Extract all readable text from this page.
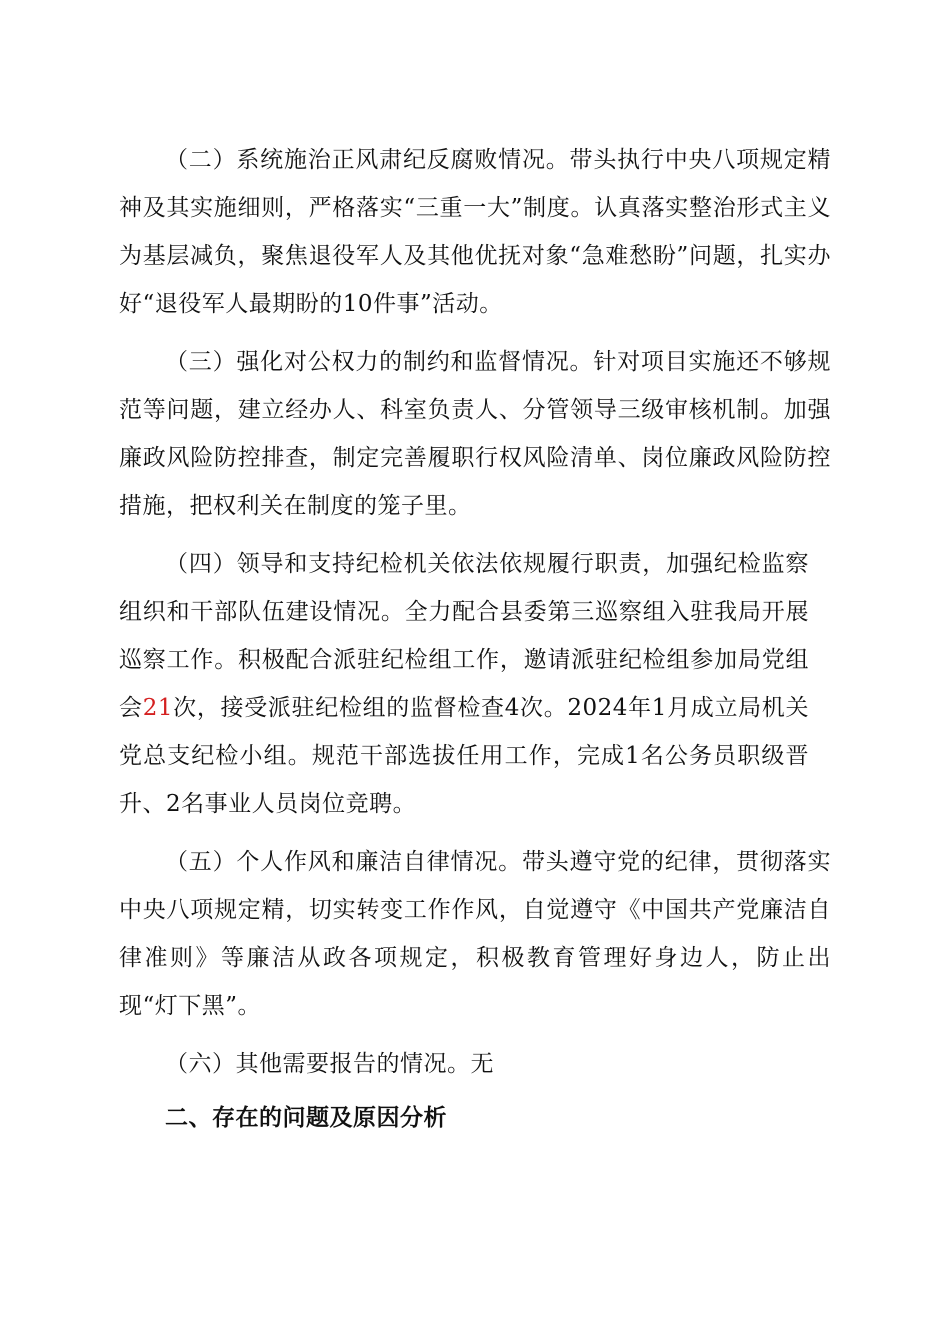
（二）系统施治正风肃纪反腐败情况。带头执行中央八项规定精神及其实施细则，严格落实“三重一大”制度。认真落实整治形式主义为基层减负，聚焦退役军人及其他优抚对象“急难愁盼”问题，扎实办好“退役军人最期盼的10件事”活动。

（三）强化对公权力的制约和监督情况。针对项目实施还不够规范等问题，建立经办人、科室负责人、分管领导三级审核机制。加强廉政风险防控排查，制定完善履职行权风险清单、岗位廉政风险防控措施，把权利关在制度的笼子里。

（四）领导和支持纪检机关依法依规履行职责，加强纪检监察组织和干部队伍建设情况。全力配合县委第三巡察组入驻我局开展巡察工作。积极配合派驻纪检组工作，邀请派驻纪检组参加局党组会21次，接受派驻纪检组的监督检查4次。2024年1月成立局机关党总支纪检小组。规范干部选拔任用工作，完成1名公务员职级晋升、2名事业人员岗位竞聘。

（五）个人作风和廉洁自律情况。带头遵守党的纪律，贯彻落实中央八项规定精，切实转变工作作风，自觉遵守《中国共产党廉洁自律准则》等廉洁从政各项规定，积极教育管理好身边人，防止出现“灯下黑”。

（六）其他需要报告的情况。无

二、存在的问题及原因分析
